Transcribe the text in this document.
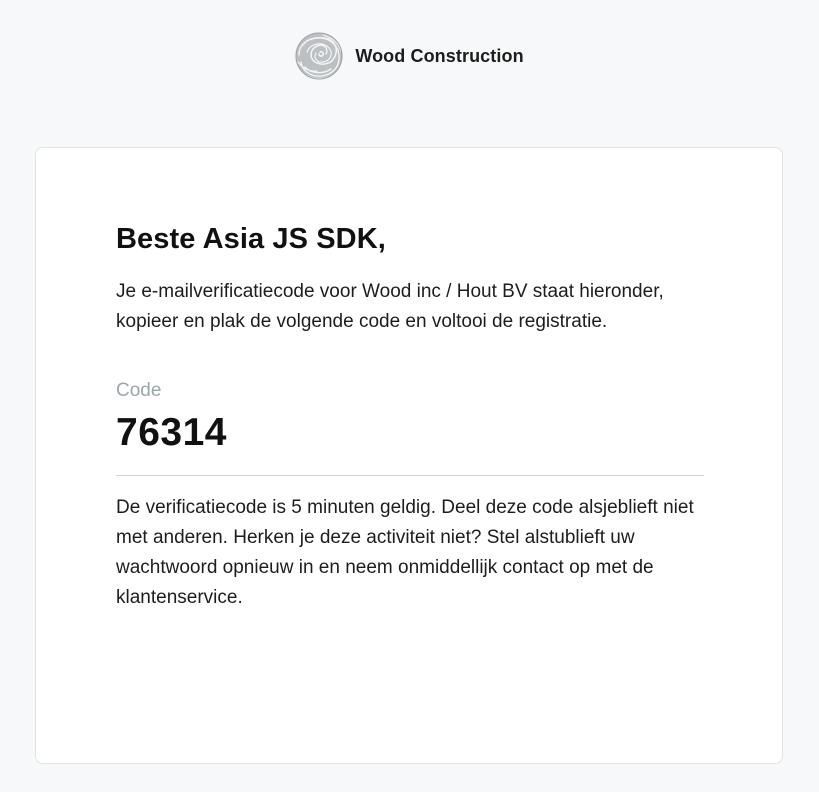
Wood Construction
Beste Asia JS SDK,

Je e-mailverificatiecode voor Wood inc / Hout BV staat hieronder, kopieer en plak de volgende code en voltooi de registratie.

Code
76314

De verificatiecode is 5 minuten geldig. Deel deze code alsjeblieft niet met anderen. Herken je deze activiteit niet? Stel alstublieft uw wachtwoord opnieuw in en neem onmiddellijk contact op met de klantenservice.
